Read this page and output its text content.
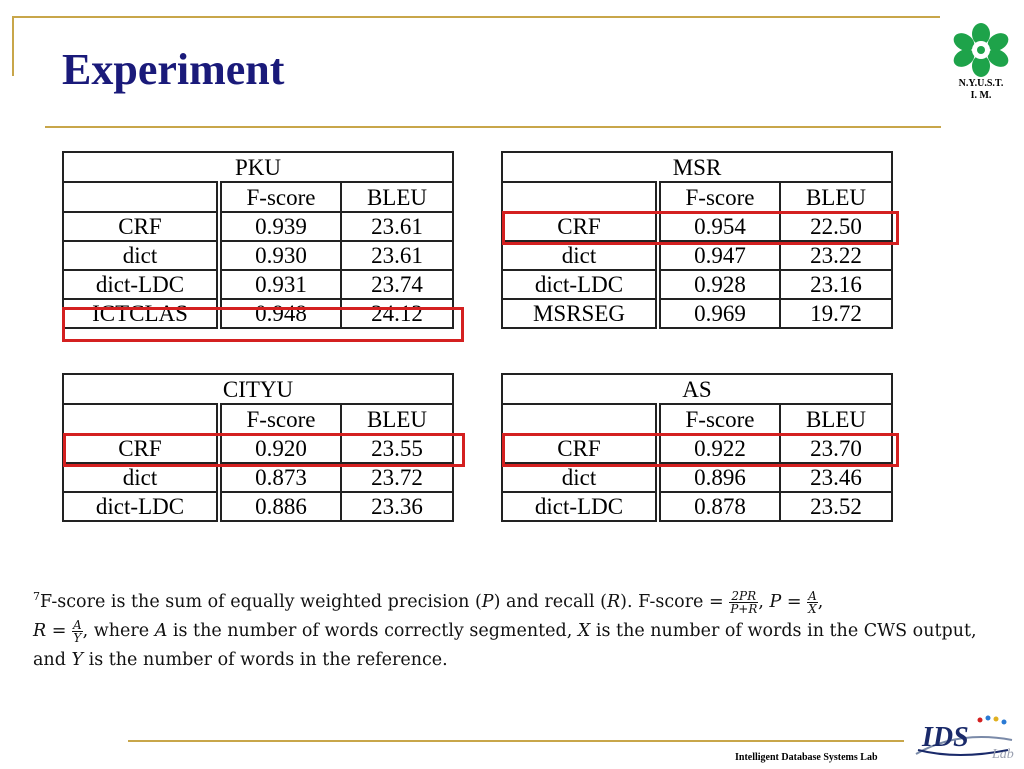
Experiment	N.Y.U.S.T.
I. M.
PKU		
	F-score	BLEU
CRF	0.939	23.61
dict	0.930	23.61
dict-LDC	0.931	23.74
ICTCLAS	0.948	24.12
MSR		
	F-score	BLEU
CRF	0.954	22.50
dict	0.947	23.22
dict-LDC	0.928	23.16
MSRSEG	0.969	19.72
CITYU		
	F-score	BLEU
CRF	0.920	23.55
dict	0.873	23.72
dict-LDC	0.886	23.36
AS		
	F-score	BLEU
CRF	0.922	23.70
dict	0.896	23.46
dict-LDC	0.878	23.52
$^7$F-score is the sum of equally weighted precision (P) and recall (R). F-score = $\frac{2PR}{P+R}$ , $P = \frac{A}{X}$ ,
$R = \frac{A}{Y}$ , where A is the number of words correctly segmented, X is the number of words in the CWS output, and Y is the number of words in the reference.
Intelligent Database Systems Lab
IDS
Lab
